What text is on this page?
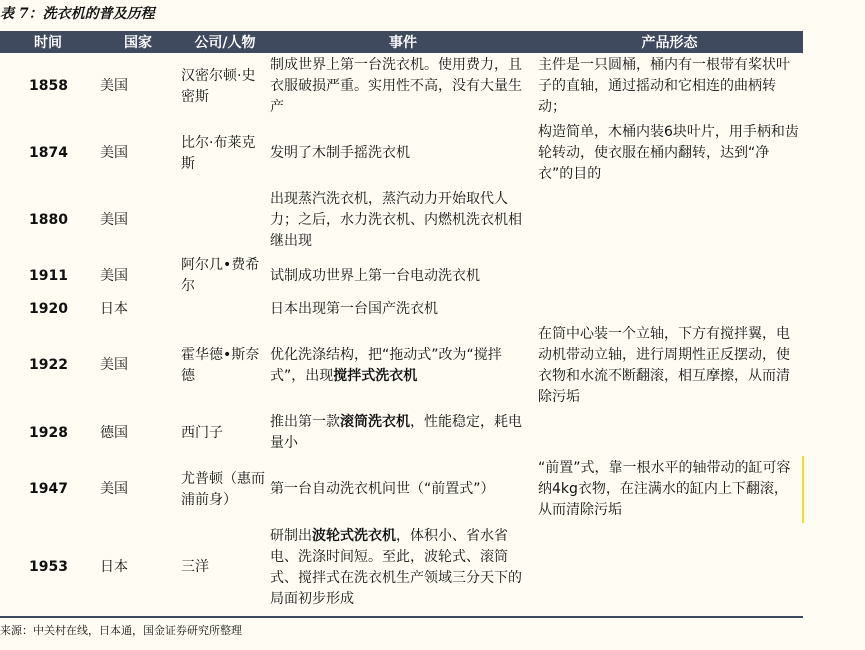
表 7：洗衣机的普及历程
时间	国家	公司/人物	事件	产品形态
1858	美国	汉密尔顿·史密斯	制成世界上第一台洗衣机。使用费力，且衣服破损严重。实用性不高，没有大量生产	主件是一只圆桶，桶内有一根带有桨状叶子的直轴，通过摇动和它相连的曲柄转动；
1874	美国	比尔·布莱克斯	发明了木制手摇洗衣机	构造简单，木桶内装6块叶片，用手柄和齿轮转动，使衣服在桶内翻转，达到“净衣”的目的
1880	美国		出现蒸汽洗衣机，蒸汽动力开始取代人力；之后，水力洗衣机、内燃机洗衣机相继出现	
1911	美国	阿尔几•费希尔	试制成功世界上第一台电动洗衣机	
1920	日本		日本出现第一台国产洗衣机	
1922	美国	霍华德•斯奈德	优化洗涤结构，把“拖动式”改为“搅拌式”，出现搅拌式洗衣机	在筒中心装一个立轴，下方有搅拌翼，电动机带动立轴，进行周期性正反摆动，使衣物和水流不断翻滚，相互摩擦，从而清除污垢
1928	德国	西门子	推出第一款滚筒洗衣机，性能稳定，耗电量小	
1947	美国	尤普顿（惠而浦前身）	第一台自动洗衣机问世（“前置式”）	“前置”式，靠一根水平的轴带动的缸可容纳4kg衣物，在注满水的缸内上下翻滚，从而清除污垢
1953	日本	三洋	研制出波轮式洗衣机，体积小、省水省电、洗涤时间短。至此，波轮式、滚筒式、搅拌式在洗衣机生产领域三分天下的局面初步形成	
来源：中关村在线，日本通，国金证券研究所整理
